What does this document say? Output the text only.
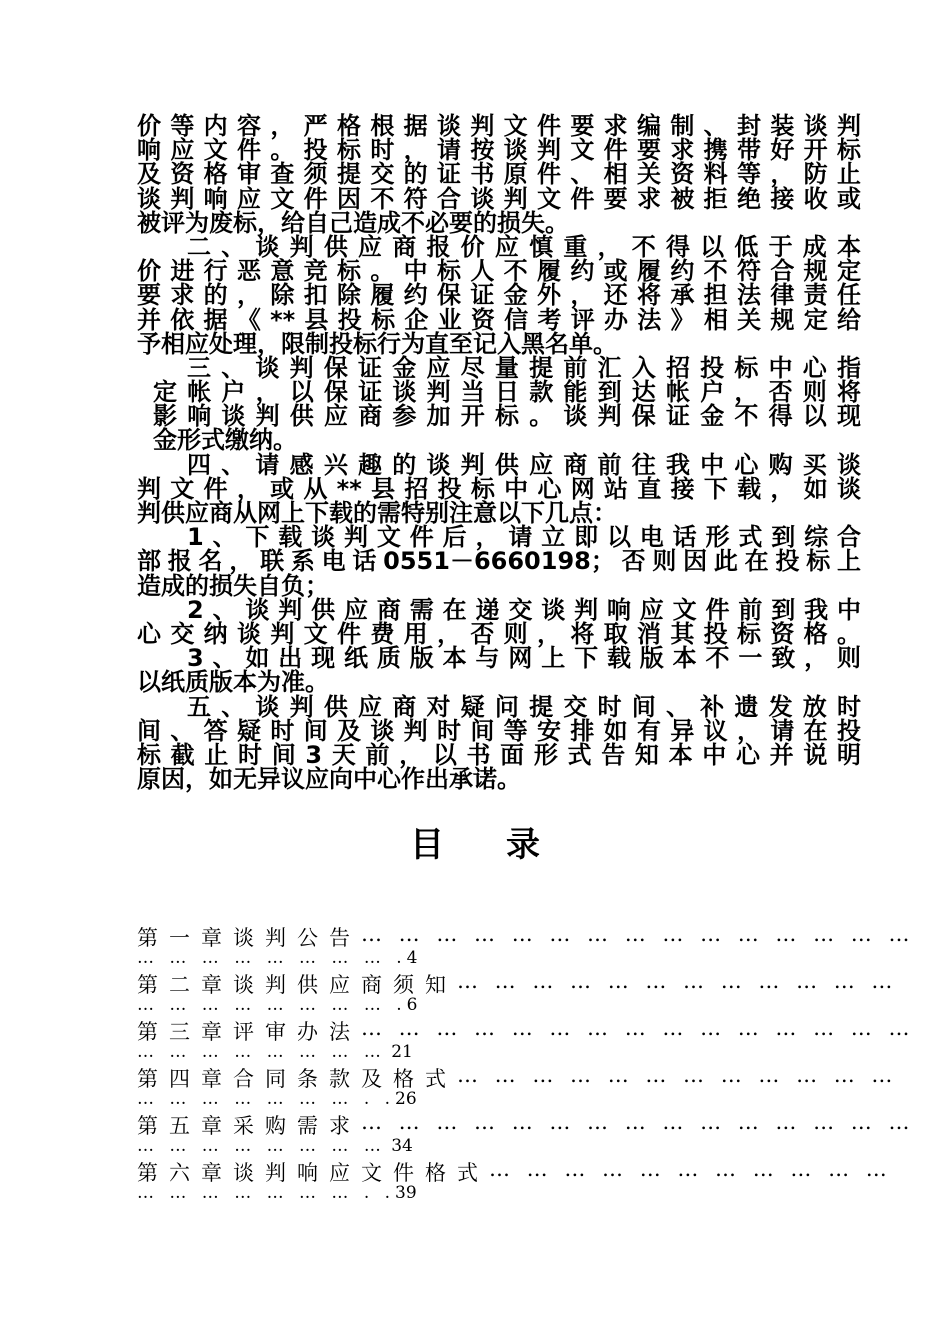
价等内容，严格根据谈判文件要求编制、封装谈判
响应文件。投标时，请按谈判文件要求携带好开标
及资格审查须提交的证书原件、相关资料等，防止
谈判响应文件因不符合谈判文件要求被拒绝接收或
被评为废标，给自己造成不必要的损失。
二、谈判供应商报价应慎重，不得以低于成本
价进行恶意竞标。中标人不履约或履约不符合规定
要求的，除扣除履约保证金外，还将承担法律责任
并依据《**县投标企业资信考评办法》相关规定给
予相应处理，限制投标行为直至记入黑名单。
三、谈判保证金应尽量提前汇入招投标中心指
定帐户，以保证谈判当日款能到达帐户，否则将
影响谈判供应商参加开标。谈判保证金不得以现
金形式缴纳。
四、请感兴趣的谈判供应商前往我中心购买谈
判文件，或从**县招投标中心网站直接下载，如谈
判供应商从网上下载的需特别注意以下几点：
1、下载谈判文件后，请立即以电话形式到综合
部报名，联系电话0551－6660198；否则因此在投标上
造成的损失自负；
2、谈判供应商需在递交谈判响应文件前到我中
心交纳谈判文件费用，否则，将取消其投标资格。
3、如出现纸质版本与网上下载版本不一致，则
以纸质版本为准。
五、谈判供应商对疑问提交时间、补遗发放时
间、答疑时间及谈判时间等安排如有异议，请在投
标截止时间3天前，以书面形式告知本中心并说明
原因，如无异议应向中心作出承诺。
目录
第一章 谈判公告 … … … … … … … … … … … … … … …
… … … … … … … … .4
第二章 谈判供应商须知 … … … … … … … … … … … …
… … … … … … … … .6
第三章 评审办法 … … … … … … … … … … … … … … …
… … … … … … … … 21
第四章 合同条款及格式 … … … … … … … … … … … …
… … … … … … … . .26
第五章 采购需求 … … … … … … … … … … … … … … …
… … … … … … … … 34
第六章 谈判响应文件格式 … … … … … … … … … … …
… … … … … … … . .39
